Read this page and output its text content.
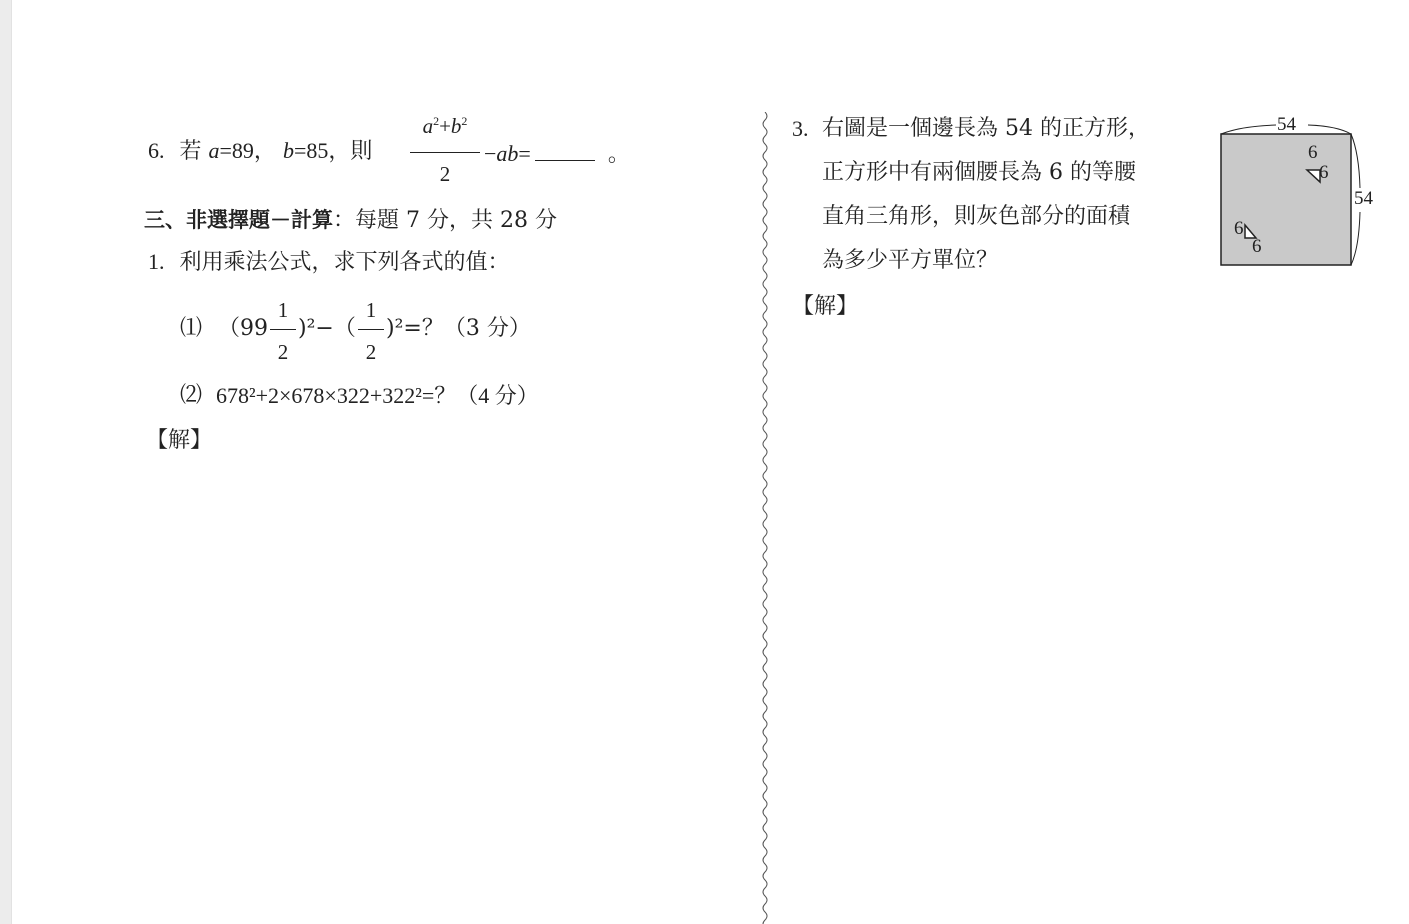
6. 若 a=89， b=85，則
$a^2+b^2$
2
−ab=	。
三、非選擇題－計算：每題 7 分，共 28 分
1. 利用乘法公式，求下列各式的值：
⑴ （99
1
2
)²−（
1
2
)²=？（3 分）
⑵ 678²+2×678×322+322²=？（4 分）
【解】
3. 右圖是一個邊長為 54 的正方形，
正方形中有兩個腰長為 6 的等腰
直角三角形，則灰色部分的面積
為多少平方單位？
【解】
54
54
6
6
6
6
